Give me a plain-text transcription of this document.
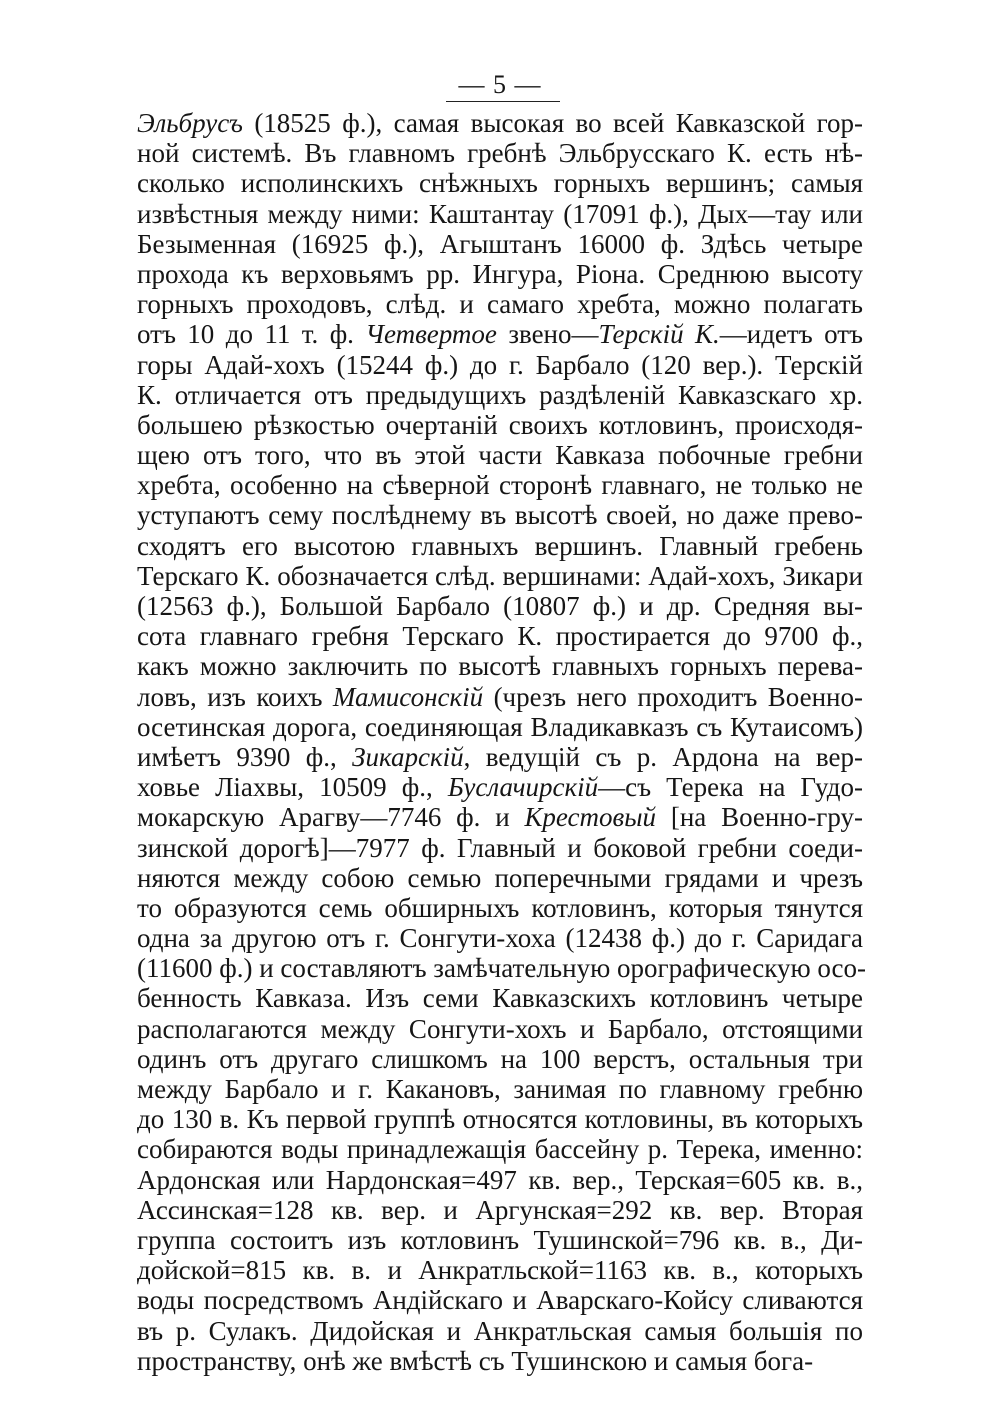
— 5 —
Эльбрусъ (18525 ф.), самая высокая во всей Кавказской гор-
ной системѣ. Въ главномъ гребнѣ Эльбрусскаго К. есть нѣ-
сколько исполинскихъ снѣжныхъ горныхъ вершинъ; самыя
извѣстныя между ними: Каштантау (17091 ф.), Дых—тау или
Безыменная (16925 ф.), Агыштанъ 16000 ф. Здѣсь четыре
прохода къ верховьямъ рр. Ингура, Ріона. Среднюю высоту
горныхъ проходовъ, слѣд. и самаго хребта, можно полагать
отъ 10 до 11 т. ф. Четвертое звено—Терскій К.—идетъ отъ
горы Адай-хохъ (15244 ф.) до г. Барбало (120 вер.). Терскій
К. отличается отъ предыдущихъ раздѣленій Кавказскаго хр.
большею рѣзкостью очертаній своихъ котловинъ, происходя-
щею отъ того, что въ этой части Кавказа побочные гребни
хребта, особенно на сѣверной сторонѣ главнаго, не только не
уступаютъ сему послѣднему въ высотѣ своей, но даже прево-
сходятъ его высотою главныхъ вершинъ. Главный гребень
Терскаго К. обозначается слѣд. вершинами: Адай-хохъ, Зикари
(12563 ф.), Большой Барбало (10807 ф.) и др. Средняя вы-
сота главнаго гребня Терскаго К. простирается до 9700 ф.,
какъ можно заключить по высотѣ главныхъ горныхъ перева-
ловъ, изъ коихъ Мамисонскій (чрезъ него проходитъ Военно-
осетинская дорога, соединяющая Владикавказъ съ Кутаисомъ)
имѣетъ 9390 ф., Зикарскій, ведущій съ р. Ардона на вер-
ховье Ліахвы, 10509 ф., Буслачирскій—съ Терека на Гудо-
мокарскую Арагву—7746 ф. и Крестовый [на Военно-гру-
зинской дорогѣ]—7977 ф. Главный и боковой гребни соеди-
няются между собою семью поперечными грядами и чрезъ
то образуются семь обширныхъ котловинъ, которыя тянутся
одна за другою отъ г. Сонгути-хоха (12438 ф.) до г. Саридага
(11600 ф.) и составляютъ замѣчательную орографическую осо-
бенность Кавказа. Изъ семи Кавказскихъ котловинъ четыре
располагаются между Сонгути-хохъ и Барбало, отстоящими
одинъ отъ другаго слишкомъ на 100 верстъ, остальныя три
между Барбало и г. Какановъ, занимая по главному гребню
до 130 в. Къ первой группѣ относятся котловины, въ которыхъ
собираются воды принадлежащія бассейну р. Терека, именно:
Ардонская или Нардонская=497 кв. вер., Терская=605 кв. в.,
Ассинская=128 кв. вер. и Аргунская=292 кв. вер. Вторая
группа состоитъ изъ котловинъ Тушинской=796 кв. в., Ди-
дойской=815 кв. в. и Анкратльской=1163 кв. в., которыхъ
воды посредствомъ Андійскаго и Аварскаго-Койсу сливаются
въ р. Сулакъ. Дидойская и Анкратльская самыя большія по
пространству, онѣ же вмѣстѣ съ Тушинскою и самыя бога-
